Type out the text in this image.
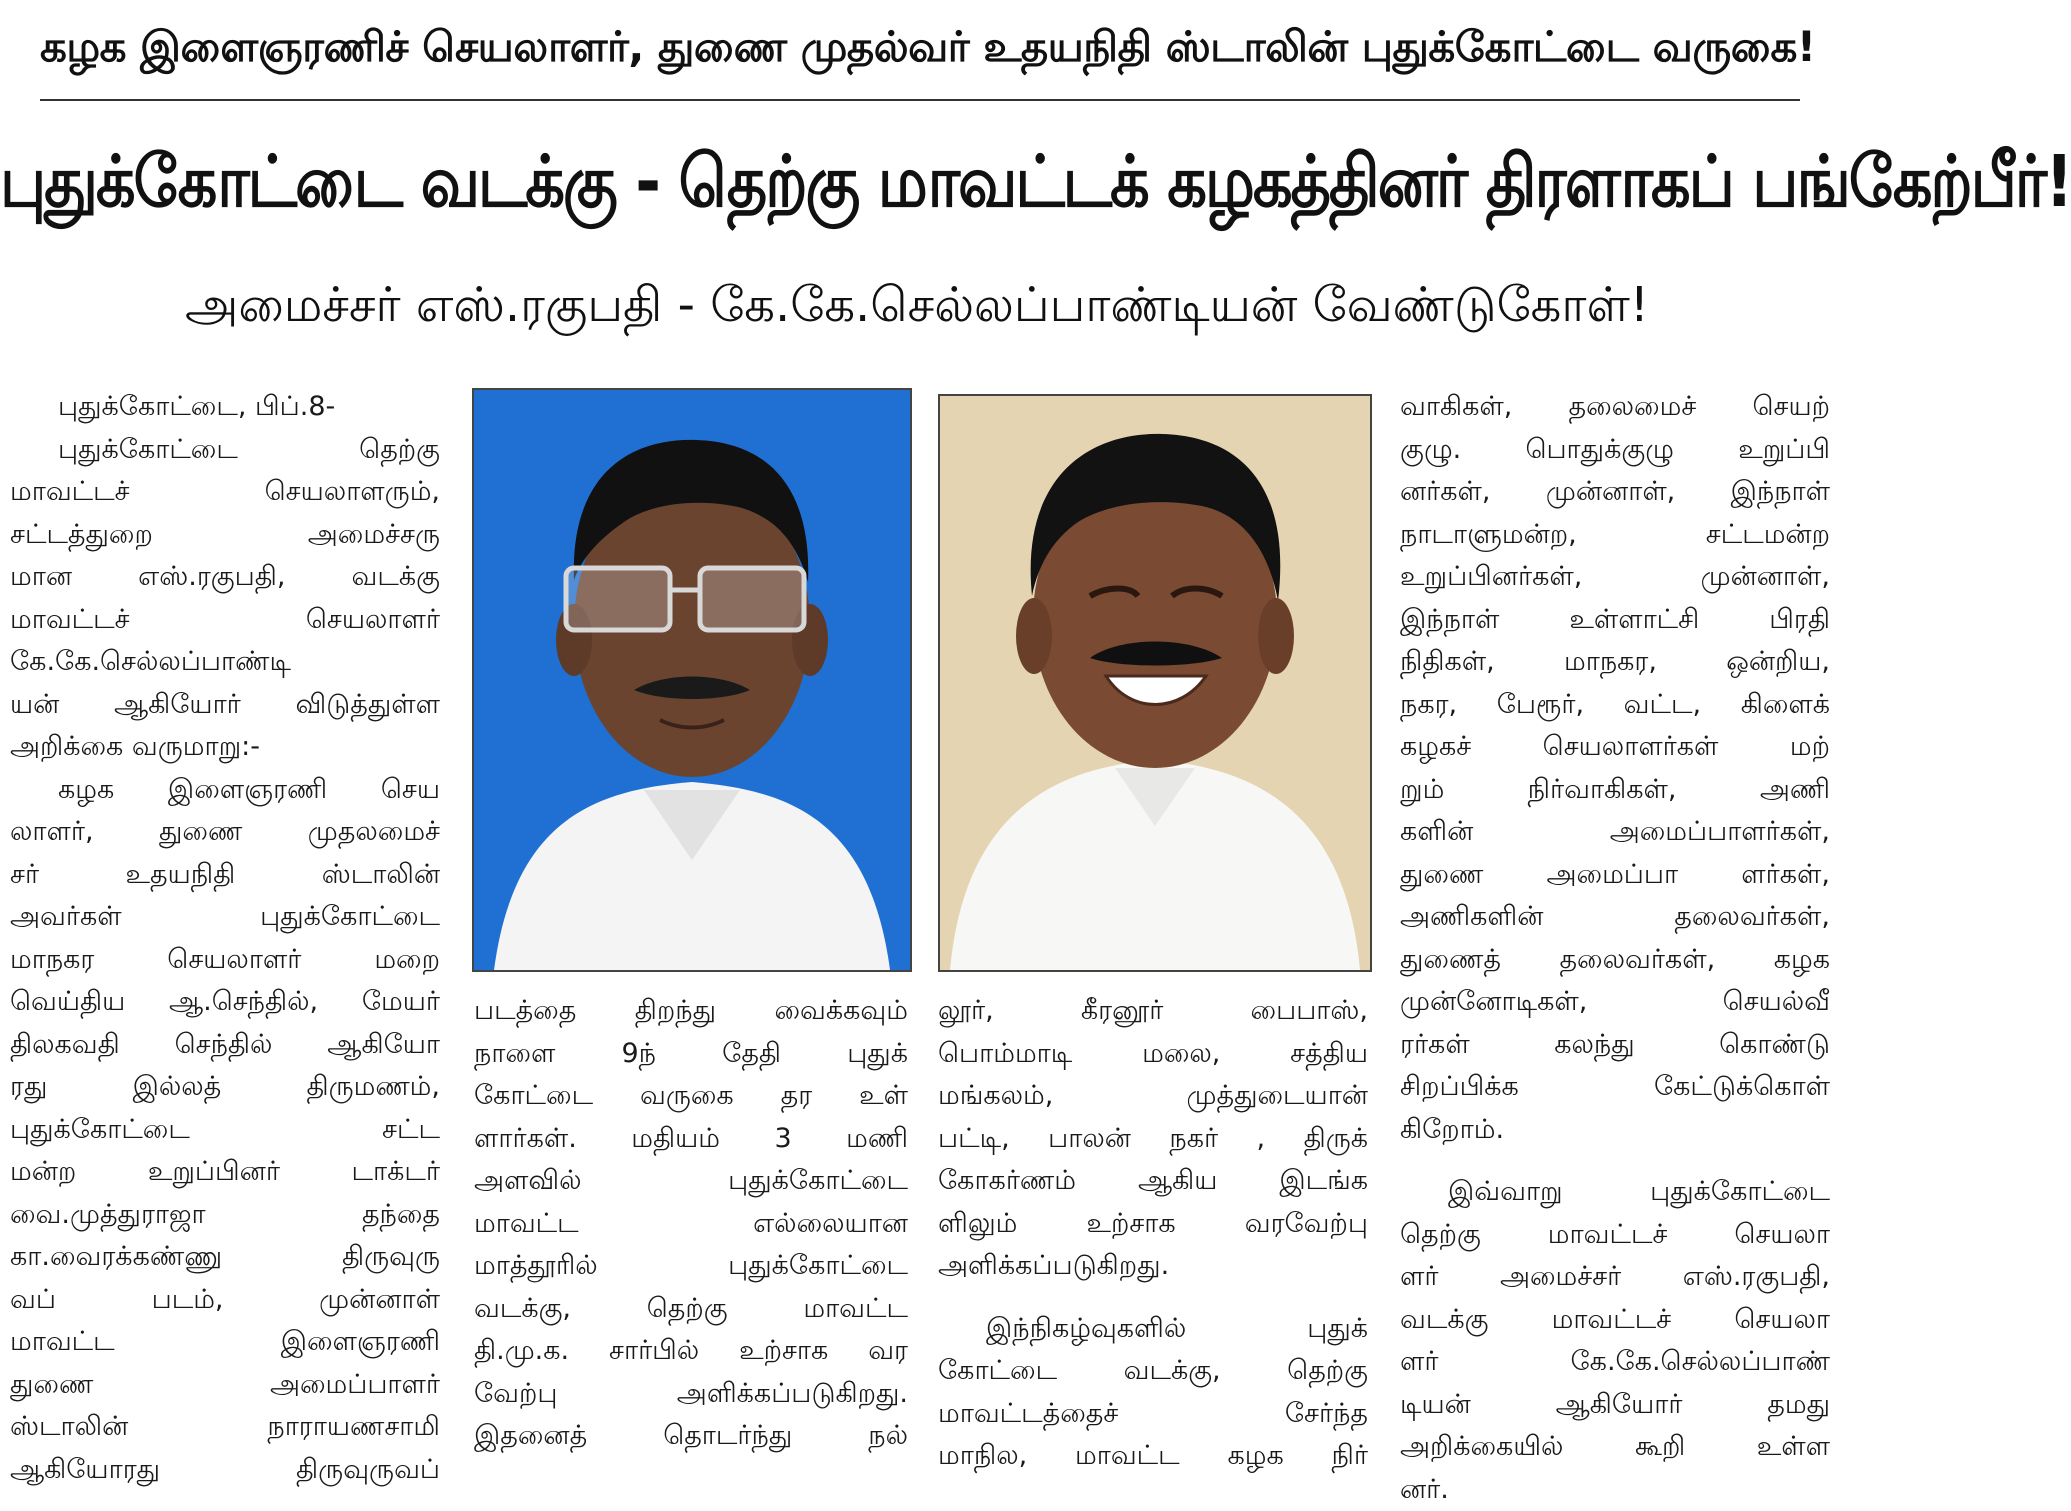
கழக இளைஞரணிச் செயலாளர், துணை முதல்வர் உதயநிதி ஸ்டாலின் புதுக்கோட்டை வருகை!
புதுக்கோட்டை வடக்கு - தெற்கு மாவட்டக் கழகத்தினர் திரளாகப் பங்கேற்பீர்!
அமைச்சர் எஸ்.ரகுபதி - கே.கே.செல்லப்பாண்டியன் வேண்டுகோள்!
புதுக்கோட்டை, பிப்.8-
புதுக்கோட்டை தெற்கு
மாவட்டச் செயலாளரும்,
சட்டத்துறை அமைச்சரு
மான எஸ்.ரகுபதி, வடக்கு
மாவட்டச் செயலாளர்
கே.கே.செல்லப்பாண்டி
யன் ஆகியோர் விடுத்துள்ள
அறிக்கை வருமாறு:-
கழக இளைஞரணி செய
லாளர், துணை முதலமைச்
சர் உதயநிதி ஸ்டாலின்
அவர்கள் புதுக்கோட்டை
மாநகர செயலாளர் மறை
வெய்திய ஆ.செந்தில், மேயர்
திலகவதி செந்தில் ஆகியோ
ரது இல்லத் திருமணம்,
புதுக்கோட்டை சட்ட
மன்ற உறுப்பினர் டாக்டர்
வை.முத்துராஜா தந்தை
கா.வைரக்கண்ணு திருவுரு
வப் படம், முன்னாள்
மாவட்ட இளைஞரணி
துணை அமைப்பாளர்
ஸ்டாலின் நாராயணசாமி
ஆகியோரது திருவுருவப்
படத்தை திறந்து வைக்கவும்
நாளை 9ந் தேதி புதுக்
கோட்டை வருகை தர உள்
ளார்கள். மதியம் 3 மணி
அளவில் புதுக்கோட்டை
மாவட்ட எல்லையான
மாத்தூரில் புதுக்கோட்டை
வடக்கு, தெற்கு மாவட்ட
தி.மு.க. சார்பில் உற்சாக வர
வேற்பு அளிக்கப்படுகிறது.
இதனைத் தொடர்ந்து நல்
லூர், கீரனூர் பைபாஸ்,
பொம்மாடி மலை, சத்திய
மங்கலம், முத்துடையான்
பட்டி, பாலன் நகர் , திருக்
கோகர்ணம் ஆகிய இடங்க
ளிலும் உற்சாக வரவேற்பு
அளிக்கப்படுகிறது.
இந்நிகழ்வுகளில் புதுக்
கோட்டை வடக்கு, தெற்கு
மாவட்டத்தைச் சேர்ந்த
மாநில, மாவட்ட கழக நிர்
வாகிகள், தலைமைச் செயற்
குழு. பொதுக்குழு உறுப்பி
னர்கள், முன்னாள், இந்நாள்
நாடாளுமன்ற, சட்டமன்ற
உறுப்பினர்கள், முன்னாள்,
இந்நாள் உள்ளாட்சி பிரதி
நிதிகள், மாநகர, ஒன்றிய,
நகர, பேரூர், வட்ட, கிளைக்
கழகச் செயலாளர்கள் மற்
றும் நிர்வாகிகள், அணி
களின் அமைப்பாளர்கள்,
துணை அமைப்பா ளர்கள்,
அணிகளின் தலைவர்கள்,
துணைத் தலைவர்கள், கழக
முன்னோடிகள், செயல்வீ
ரர்கள் கலந்து கொண்டு
சிறப்பிக்க கேட்டுக்கொள்
கிறோம்.
இவ்வாறு புதுக்கோட்டை
தெற்கு மாவட்டச் செயலா
ளர் அமைச்சர் எஸ்.ரகுபதி,
வடக்கு மாவட்டச் செயலா
ளர் கே.கே.செல்லப்பாண்
டியன் ஆகியோர் தமது
அறிக்கையில் கூறி உள்ள
னர்.
